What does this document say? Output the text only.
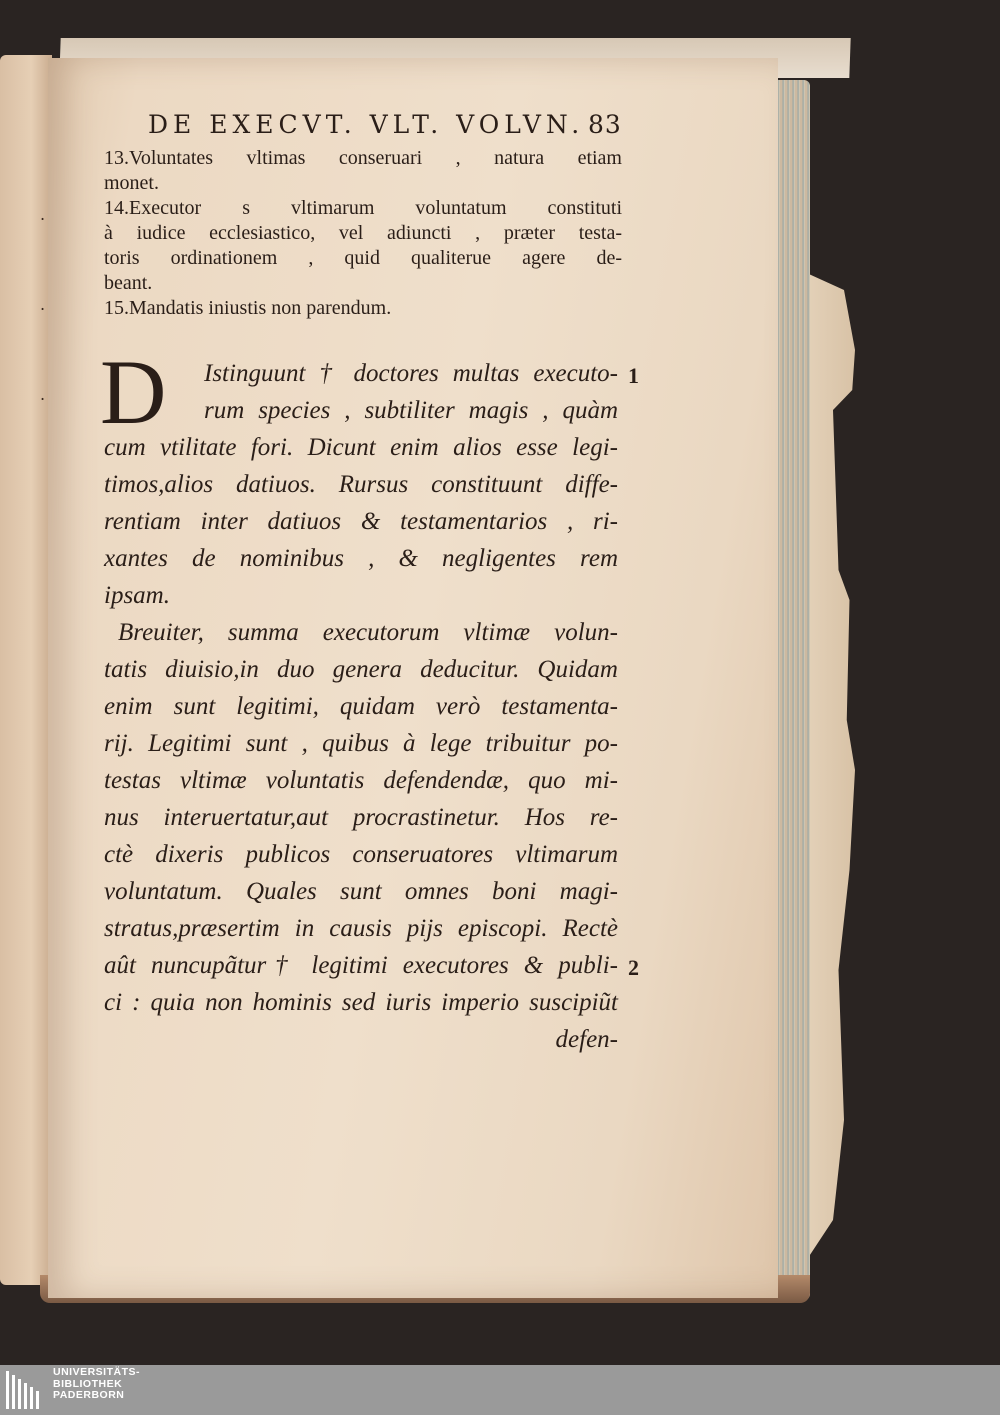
.
.
.
DE EXECVT. VLT. VOLVN. 83
13.Voluntates vltimas conseruari , natura etiam
monet.
14.Executor s vltimarum voluntatum constituti
à iudice ecclesiastico, vel adiuncti , præter testa-
toris ordinationem , quid qualiterue agere de-
beant.
15.Mandatis iniustis non parendum.
D	Istinguunt † doctores multas executo-
rum species , subtiliter magis , quàm
cum vtilitate fori. Dicunt enim alios esse legi-
timos,alios datiuos. Rursus constituunt diffe-
rentiam inter datiuos & testamentarios , ri-
xantes de nominibus , & negligentes rem
ipsam.
Breuiter, summa executorum vltimæ volun-
tatis diuisio,in duo genera deducitur. Quidam
enim sunt legitimi, quidam verò testamenta-
rij. Legitimi sunt , quibus à lege tribuitur po-
testas vltimæ voluntatis defendendæ, quo mi-
nus interuertatur,aut procrastinetur. Hos re-
ctè dixeris publicos conseruatores vltimarum
voluntatum. Quales sunt omnes boni magi-
stratus,præsertim in causis pijs episcopi. Rectè
aût nuncupãtur† legitimi executores & publi-
ci : quia non hominis sed iuris imperio suscipiũt
defen-
1
2
UNIVERSITÄTS-
BIBLIOTHEK
PADERBORN
